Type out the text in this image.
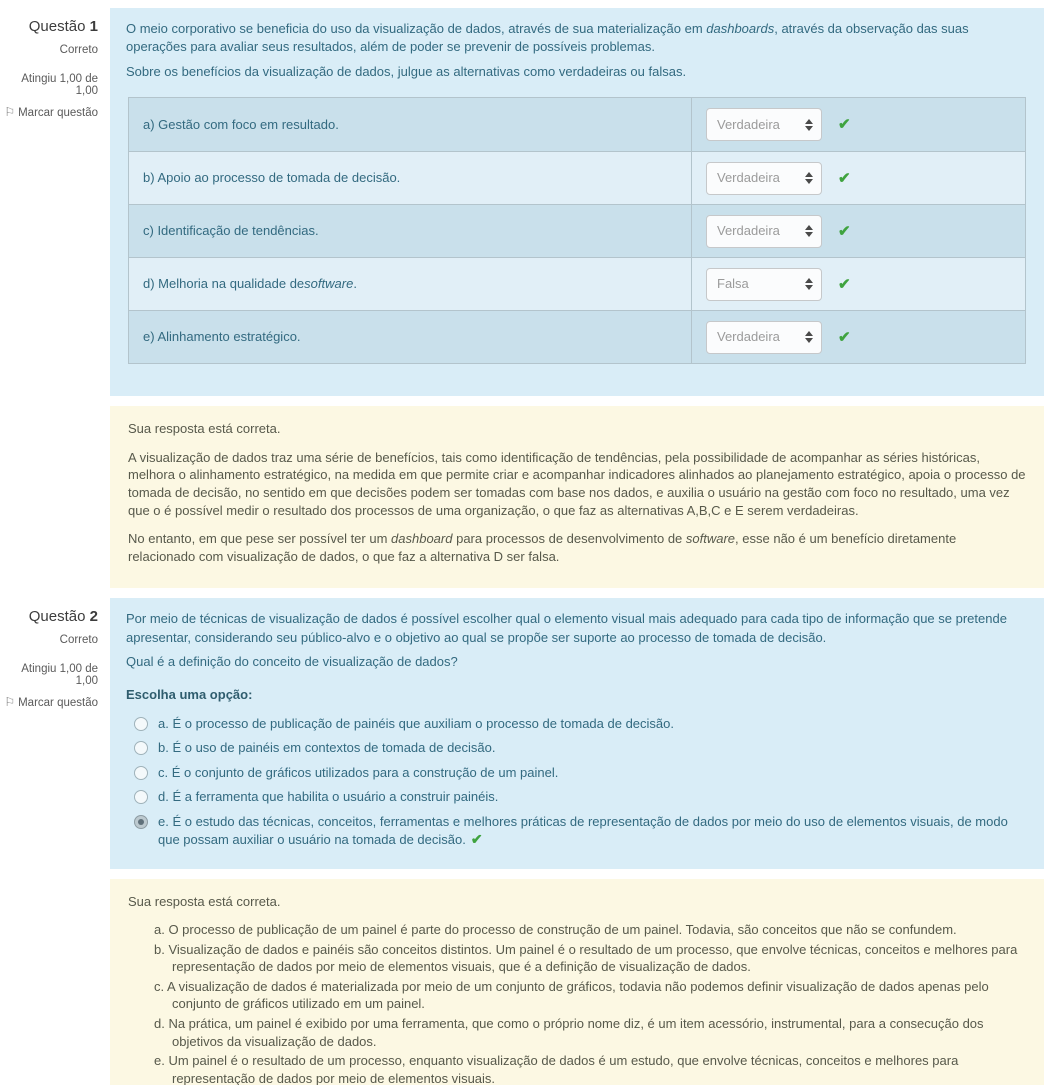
Questão 1
Correto
Atingiu 1,00 de 1,00
⚐ Marcar questão

O meio corporativo se beneficia do uso da visualização de dados, através de sua materialização em dashboards, através da observação das suas operações para avaliar seus resultados, além de poder se prevenir de possíveis problemas.

Sobre os benefícios da visualização de dados, julgue as alternativas como verdadeiras ou falsas.

a) Gestão com foco em resultado.	Verdadeira	✔
b) Apoio ao processo de tomada de decisão.	Verdadeira	✔
c) Identificação de tendências.	Verdadeira	✔
d) Melhoria na qualidade de software .	Falsa	✔
e) Alinhamento estratégico.	Verdadeira	✔

Sua resposta está correta.

A visualização de dados traz uma série de benefícios, tais como identificação de tendências, pela possibilidade de acompanhar as séries históricas, melhora o alinhamento estratégico, na medida em que permite criar e acompanhar indicadores alinhados ao planejamento estratégico, apoia o processo de tomada de decisão, no sentido em que decisões podem ser tomadas com base nos dados, e auxilia o usuário na gestão com foco no resultado, uma vez que o é possível medir o resultado dos processos de uma organização, o que faz as alternativas A,B,C e E serem verdadeiras.

No entanto, em que pese ser possível ter um dashboard para processos de desenvolvimento de software, esse não é um benefício diretamente relacionado com visualização de dados, o que faz a alternativa D ser falsa.

Questão 2
Correto
Atingiu 1,00 de 1,00
⚐ Marcar questão

Por meio de técnicas de visualização de dados é possível escolher qual o elemento visual mais adequado para cada tipo de informação que se pretende apresentar, considerando seu público-alvo e o objetivo ao qual se propõe ser suporte ao processo de tomada de decisão.

Qual é a definição do conceito de visualização de dados?

Escolha uma opção:

a. É o processo de publicação de painéis que auxiliam o processo de tomada de decisão.
b. É o uso de painéis em contextos de tomada de decisão.
c. É o conjunto de gráficos utilizados para a construção de um painel.
d. É a ferramenta que habilita o usuário a construir painéis.
e. É o estudo das técnicas, conceitos, ferramentas e melhores práticas de representação de dados por meio do uso de elementos visuais, de modo que possam auxiliar o usuário na tomada de decisão. ✔

Sua resposta está correta.

a. O processo de publicação de um painel é parte do processo de construção de um painel. Todavia, são conceitos que não se confundem.
b. Visualização de dados e painéis são conceitos distintos. Um painel é o resultado de um processo, que envolve técnicas, conceitos e melhores para representação de dados por meio de elementos visuais, que é a definição de visualização de dados.
c. A visualização de dados é materializada por meio de um conjunto de gráficos, todavia não podemos definir visualização de dados apenas pelo conjunto de gráficos utilizado em um painel.
d. Na prática, um painel é exibido por uma ferramenta, que como o próprio nome diz, é um item acessório, instrumental, para a consecução dos objetivos da visualização de dados.
e. Um painel é o resultado de um processo, enquanto visualização de dados é um estudo, que envolve técnicas, conceitos e melhores para representação de dados por meio de elementos visuais.
